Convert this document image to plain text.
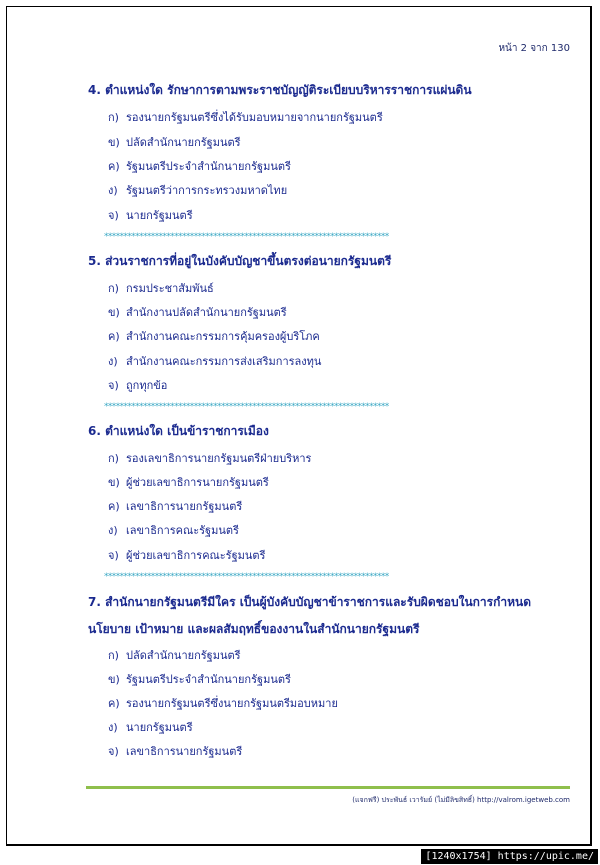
หน้า 2 จาก 130
4. ตำแหน่งใด รักษาการตามพระราชบัญญัติระเบียบบริหารราชการแผ่นดิน
ก) รองนายกรัฐมนตรีซึ่งได้รับมอบหมายจากนายกรัฐมนตรี
ข) ปลัดสำนักนายกรัฐมนตรี
ค) รัฐมนตรีประจำสำนักนายกรัฐมนตรี
ง) รัฐมนตรีว่าการกระทรวงมหาดไทย
จ) นายกรัฐมนตรี
*************************************************************************
5. ส่วนราชการที่อยู่ในบังคับบัญชาขึ้นตรงต่อนายกรัฐมนตรี
ก) กรมประชาสัมพันธ์
ข) สำนักงานปลัดสำนักนายกรัฐมนตรี
ค) สำนักงานคณะกรรมการคุ้มครองผู้บริโภค
ง) สำนักงานคณะกรรมการส่งเสริมการลงทุน
จ) ถูกทุกข้อ
*************************************************************************
6. ตำแหน่งใด เป็นข้าราชการเมือง
ก) รองเลขาธิการนายกรัฐมนตรีฝ่ายบริหาร
ข) ผู้ช่วยเลขาธิการนายกรัฐมนตรี
ค) เลขาธิการนายกรัฐมนตรี
ง) เลขาธิการคณะรัฐมนตรี
จ) ผู้ช่วยเลขาธิการคณะรัฐมนตรี
*************************************************************************
7. สำนักนายกรัฐมนตรีมีใคร เป็นผู้บังคับบัญชาข้าราชการและรับผิดชอบในการกำหนดนโยบาย เป้าหมาย และผลสัมฤทธิ์ของงานในสำนักนายกรัฐมนตรี
ก) ปลัดสำนักนายกรัฐมนตรี
ข) รัฐมนตรีประจำสำนักนายกรัฐมนตรี
ค) รองนายกรัฐมนตรีซึ่งนายกรัฐมนตรีมอบหมาย
ง) นายกรัฐมนตรี
จ) เลขาธิการนายกรัฐมนตรี
(แจกฟรี) ประพันธ์ เวารัมย์ (ไม่มีลิขสิทธิ์) http://valrom.igetweb.com
[1240x1754] https://upic.me/
